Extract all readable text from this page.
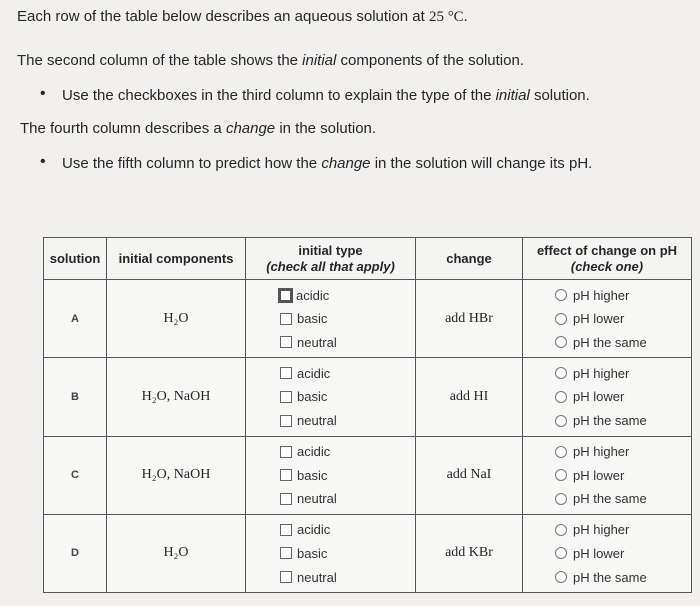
Each row of the table below describes an aqueous solution at 25 °C.
The second column of the table shows the initial components of the solution.
• Use the checkboxes in the third column to explain the type of the initial solution.
The fourth column describes a change in the solution.
• Use the fifth column to predict how the change in the solution will change its pH.
solution	initial components	initial type
(check all that apply)	change	effect of change on pH
(check one)

A	H₂O	acidic
basic
neutral	add HBr	pH higher
pH lower
pH the same

B	H₂O, NaOH	acidic
basic
neutral	add HI	pH higher
pH lower
pH the same

C	H₂O, NaOH	acidic
basic
neutral	add NaI	pH higher
pH lower
pH the same

D	H₂O	acidic
basic
neutral	add KBr	pH higher
pH lower
pH the same
